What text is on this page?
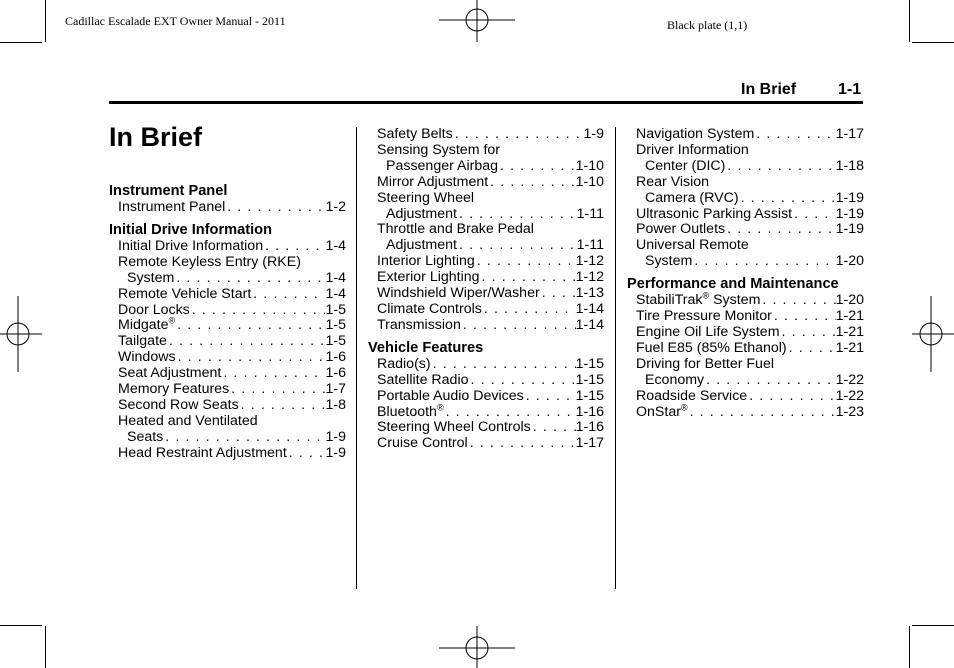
Cadillac Escalade EXT Owner Manual - 2011	Black plate (1,1)
In Brief	1-1
In Brief
Instrument Panel
Instrument Panel . . .	1-2
Initial Drive Information
Initial Drive Information . . .	1-4
Remote Keyless Entry (RKE)
System . . .	1-4
Remote Vehicle Start . . .	1-4
Door Locks . . .	1-5
Midgate® . . .	1-5
Tailgate . . .	1-5
Windows . . .	1-6
Seat Adjustment . . .	1-6
Memory Features . . .	1-7
Second Row Seats . . .	1-8
Heated and Ventilated
Seats . . .	1-9
Head Restraint Adjustment . . .	1-9
Safety Belts . . .	1-9
Sensing System for
Passenger Airbag . . .	1-10
Mirror Adjustment . . .	1-10
Steering Wheel
Adjustment . . .	1-11
Throttle and Brake Pedal
Adjustment . . .	1-11
Interior Lighting . . .	1-12
Exterior Lighting . . .	1-12
Windshield Wiper/Washer . . .	1-13
Climate Controls . . .	1-14
Transmission . . .	1-14
Vehicle Features
Radio(s) . . .	1-15
Satellite Radio . . .	1-15
Portable Audio Devices . . .	1-15
Bluetooth® . . .	1-16
Steering Wheel Controls . . .	1-16
Cruise Control . . .	1-17
Navigation System . . .	1-17
Driver Information
Center (DIC) . . .	1-18
Rear Vision
Camera (RVC) . . .	1-19
Ultrasonic Parking Assist . . .	1-19
Power Outlets . . .	1-19
Universal Remote
System . . .	1-20
Performance and Maintenance
StabiliTrak® System . . .	1-20
Tire Pressure Monitor . . .	1-21
Engine Oil Life System . . .	1-21
Fuel E85 (85% Ethanol) . . .	1-21
Driving for Better Fuel
Economy . . .	1-22
Roadside Service . . .	1-22
OnStar® . . .	1-23
